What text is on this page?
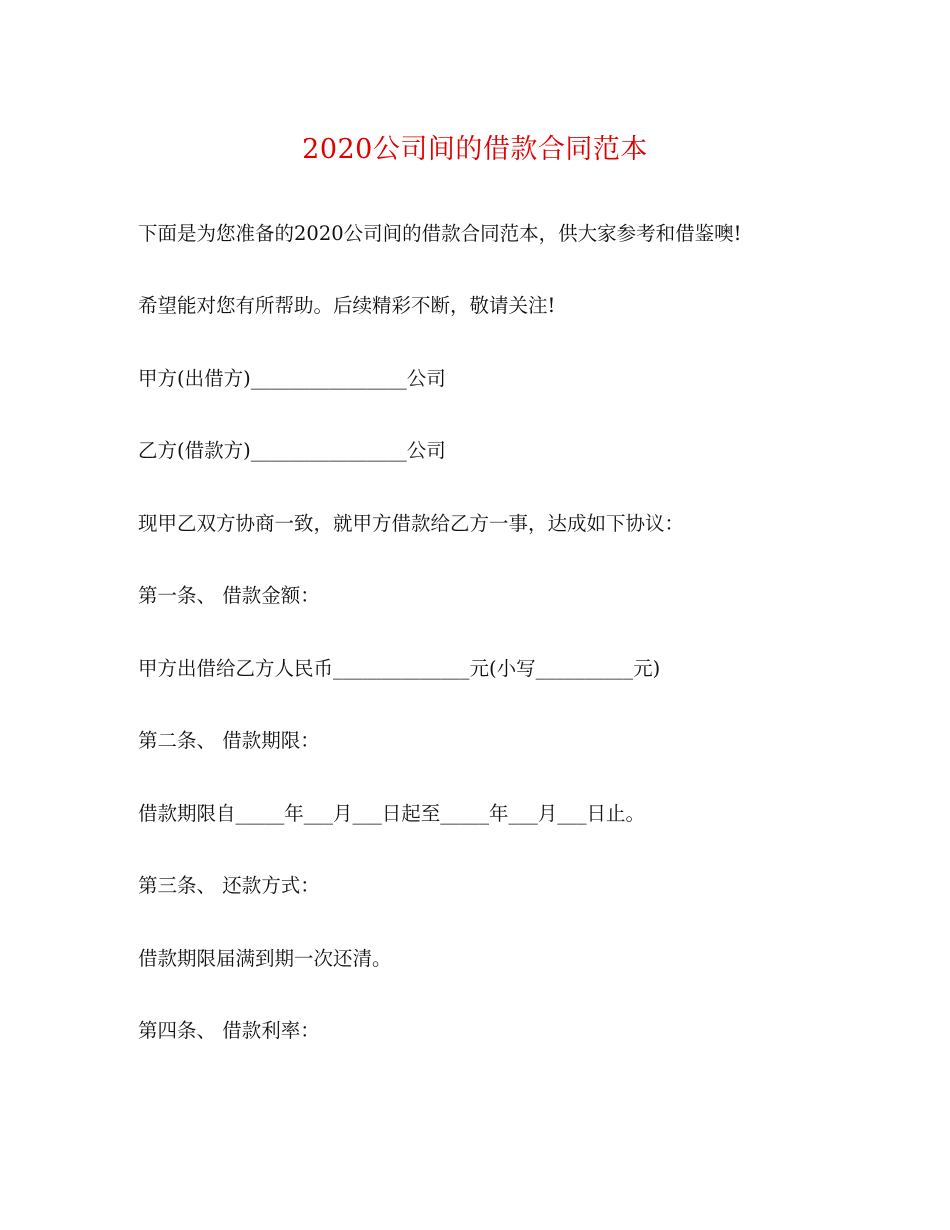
2020公司间的借款合同范本

下面是为您准备的2020公司间的借款合同范本，供大家参考和借鉴噢!

希望能对您有所帮助。后续精彩不断，敬请关注!

甲方(出借方)________________公司

乙方(借款方)________________公司

现甲乙双方协商一致，就甲方借款给乙方一事，达成如下协议：

第一条、 借款金额：

甲方出借给乙方人民币______________元(小写__________元)

第二条、 借款期限：

借款期限自_____年___月___日起至_____年___月___日止。

第三条、 还款方式：

借款期限届满到期一次还清。

第四条、 借款利率：
